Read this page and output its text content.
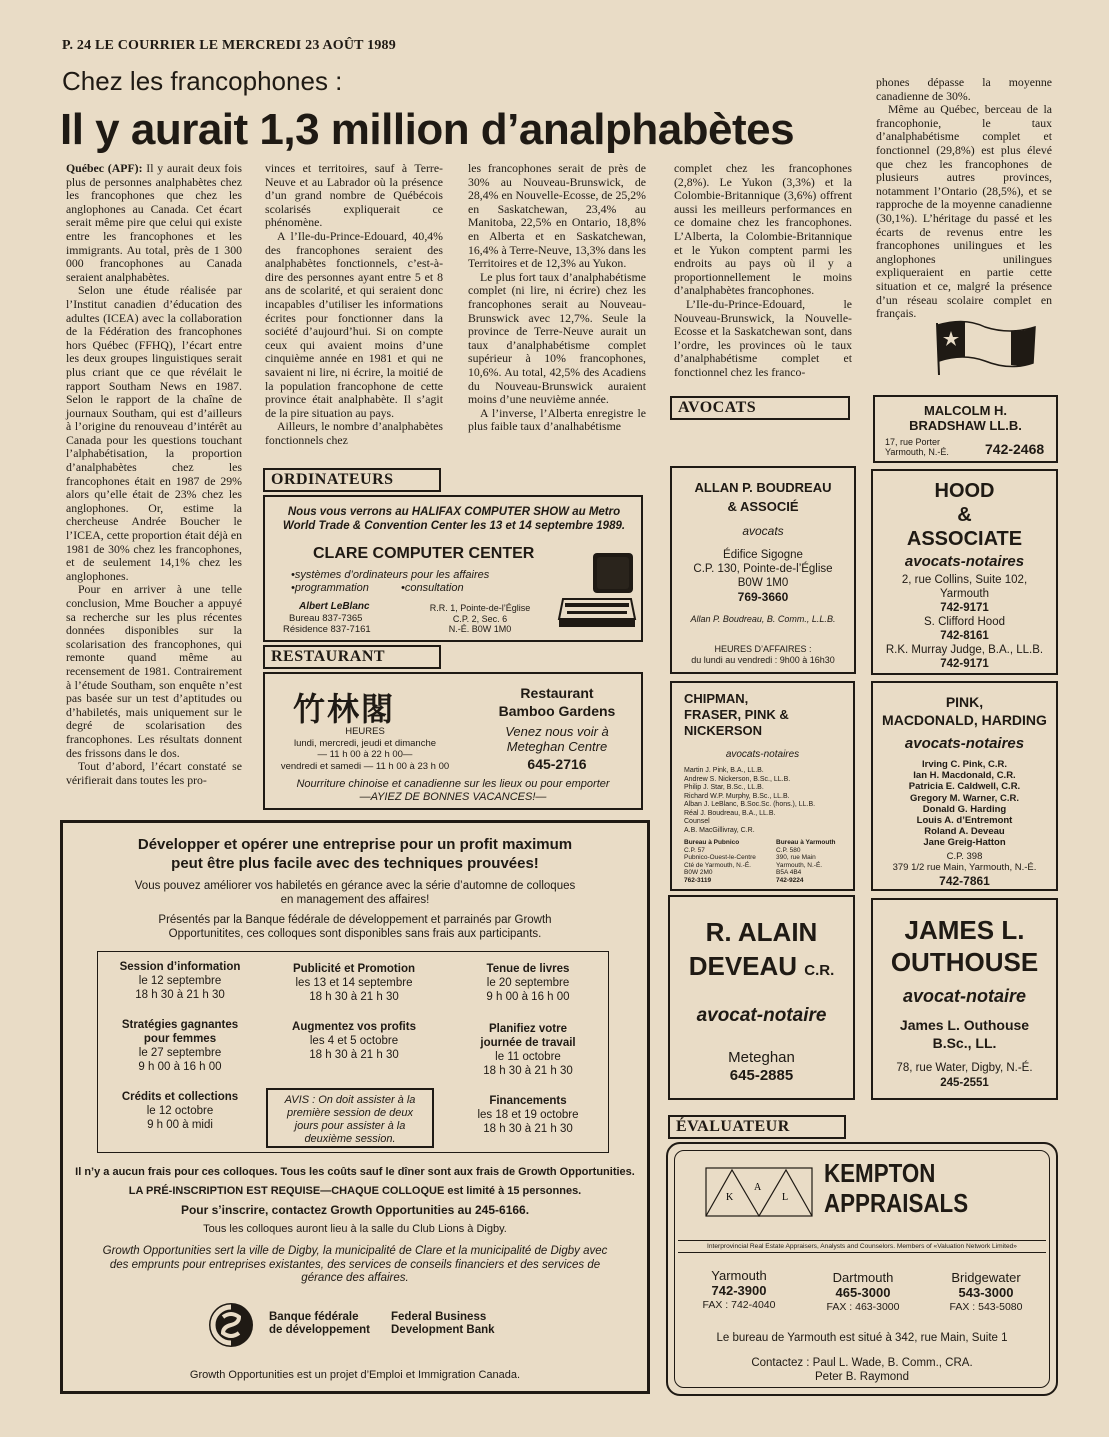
P. 24 LE COURRIER LE MERCREDI 23 AOÛT 1989
Chez les francophones :
Il y aurait 1,3 million d’analphabètes

Québec (APF): Il y aurait deux fois plus de personnes analphabètes chez les francophones que chez les anglophones au Canada. Cet écart serait même pire que celui qui existe entre les francophones et les immigrants. Au total, près de 1 300 000 francophones au Canada seraient analphabètes.

Selon une étude réalisée par l’Institut canadien d’éducation des adultes (ICEA) avec la collaboration de la Fédération des francophones hors Québec (FFHQ), l’écart entre les deux groupes linguistiques serait plus criant que ce que révélait le rapport Southam News en 1987. Selon le rapport de la chaîne de journaux Southam, qui est d’ailleurs à l’origine du renouveau d’intérêt au Canada pour les questions touchant l’alphabétisation, la proportion d’analphabètes chez les francophones était en 1987 de 29% alors qu’elle était de 23% chez les anglophones. Or, estime la chercheuse Andrée Boucher le l’ICEA, cette proportion était déjà en 1981 de 30% chez les francophones, et de seulement 14,1% chez les anglophones.

Pour en arriver à une telle conclusion, Mme Boucher a appuyé sa recherche sur les plus récentes données disponibles sur la scolarisation des francophones, qui remonte quand même au recensement de 1981. Contrairement à l’étude Southam, son enquête n’est pas basée sur un test d’aptitudes ou d’habiletés, mais uniquement sur le degré de scolarisation des francophones. Les résultats donnent des frissons dans le dos.

Tout d’abord, l’écart constaté se vérifierait dans toutes les pro-

vinces et territoires, sauf à Terre-Neuve et au Labrador où la présence d’un grand nombre de Québécois scolarisés expliquerait ce phénomène.

A l’Ile-du-Prince-Edouard, 40,4% des francophones seraient des analphabètes fonctionnels, c’est-à-dire des personnes ayant entre 5 et 8 ans de scolarité, et qui seraient donc incapables d’utiliser les informations écrites pour fonctionner dans la société d’aujourd’hui. Si on compte ceux qui avaient moins d’une cinquième année en 1981 et qui ne savaient ni lire, ni écrire, la moitié de la population francophone de cette province était analphabète. Il s’agit de la pire situation au pays.

Ailleurs, le nombre d’analphabètes fonctionnels chez

les francophones serait de près de 30% au Nouveau-Brunswick, de 28,4% en Nouvelle-Ecosse, de 25,2% en Saskatchewan, 23,4% au Manitoba, 22,5% en Ontario, 18,8% en Alberta et en Saskatchewan, 16,4% à Terre-Neuve, 13,3% dans les Territoires et de 12,3% au Yukon.

Le plus fort taux d’analphabétisme complet (ni lire, ni écrire) chez les francophones serait au Nouveau-Brunswick avec 12,7%. Seule la province de Terre-Neuve aurait un taux d’analphabétisme complet supérieur à 10% francophones, 10,6%. Au total, 42,5% des Acadiens du Nouveau-Brunswick auraient moins d’une neuvième année.

A l’inverse, l’Alberta enregistre le plus faible taux d’analhabétisme

complet chez les francophones (2,8%). Le Yukon (3,3%) et la Colombie-Britannique (3,6%) offrent aussi les meilleurs performances en ce domaine chez les francophones. L’Alberta, la Colombie-Britannique et le Yukon comptent parmi les endroits au pays où il y a proportionnellement le moins d’analphabètes francophones.

L’Ile-du-Prince-Edouard, le Nouveau-Brunswick, la Nouvelle-Ecosse et la Saskatchewan sont, dans l’ordre, les provinces où le taux d’analphabétisme complet et fonctionnel chez les franco-

phones dépasse la moyenne canadienne de 30%.

Même au Québec, berceau de la francophonie, le taux d’analphabétisme complet et fonctionnel (29,8%) est plus élevé que chez les francophones de plusieurs autres provinces, notamment l’Ontario (28,5%), et se rapproche de la moyenne canadienne (30,1%). L’héritage du passé et les écarts de revenus entre les francophones unilingues et les anglophones unilingues expliqueraient en partie cette situation et ce, malgré la présence d’un réseau scolaire complet en français.

ORDINATEURS
Nous vous verrons au HALIFAX COMPUTER SHOW au Metro World Trade & Convention Center les 13 et 14 septembre 1989.
CLARE COMPUTER CENTER
•systèmes d’ordinateurs pour les affaires
•programmation	•consultation
Albert LeBlanc
Bureau 837-7365
Résidence 837-7161
R.R. 1, Pointe-de-l’Église
C.P. 2, Sec. 6
N.-É. B0W 1M0
RESTAURANT
竹林閣
HEURES
lundi, mercredi, jeudi et dimanche
— 11 h 00 à 22 h 00—
vendredi et samedi — 11 h 00 à 23 h 00
Restaurant
Bamboo Gardens
Venez nous voir à
Meteghan Centre
645-2716
Nourriture chinoise et canadienne sur les lieux ou pour emporter
—AYIEZ DE BONNES VACANCES!—
Développer et opérer une entreprise pour un profit maximum
peut être plus facile avec des techniques prouvées!
Vous pouvez améliorer vos habiletés en gérance avec la série d’automne de colloques
en management des affaires!
Présentés par la Banque fédérale de développement et parrainés par Growth
Opportunitites, ces colloques sont disponibles sans frais aux participants.
Session d’information
le 12 septembre
18 h 30 à 21 h 30
Publicité et Promotion
les 13 et 14 septembre
18 h 30 à 21 h 30
Tenue de livres
le 20 septembre
9 h 00 à 16 h 00
Stratégies gagnantes
pour femmes
le 27 septembre
9 h 00 à 16 h 00
Augmentez vos profits
les 4 et 5 octobre
18 h 30 à 21 h 30
Planifiez votre
journée de travail
le 11 octobre
18 h 30 à 21 h 30
Crédits et collections
le 12 octobre
9 h 00 à midi
AVIS : On doit assister à la première session de deux jours pour assister à la deuxième session.
Financements
les 18 et 19 octobre
18 h 30 à 21 h 30
Il n’y a aucun frais pour ces colloques. Tous les coûts sauf le dîner sont aux frais de Growth Opportunities.
LA PRÉ-INSCRIPTION EST REQUISE—CHAQUE COLLOQUE est limité à 15 personnes.
Pour s’inscrire, contactez Growth Opportunities au 245-6166.
Tous les colloques auront lieu à la salle du Club Lions à Digby.
Growth Opportunities sert la ville de Digby, la municipalité de Clare et la municipalité de Digby avec des emprunts pour entreprises existantes, des services de conseils financiers et des services de gérance des affaires.
Banque fédérale
de développement
Federal Business
Development Bank
Growth Opportunities est un projet d’Emploi et Immigration Canada.
AVOCATS	MALCOLM H.
BRADSHAW LL.B.
17, rue Porter
Yarmouth, N.-É.	742-2468
ALLAN P. BOUDREAU
& ASSOCIÉ
avocats
Édifice Sigogne
C.P. 130, Pointe-de-l’Église
B0W 1M0
769-3660
Allan P. Boudreau, B. Comm., L.L.B.
HEURES D’AFFAIRES :
du lundi au vendredi : 9h00 à 16h30
HOOD
&
ASSOCIATE
avocats-notaires
2, rue Collins, Suite 102,
Yarmouth
742-9171
S. Clifford Hood
742-8161
R.K. Murray Judge, B.A., LL.B.
742-9171
CHIPMAN,
FRASER, PINK &
NICKERSON
avocats-notaires
Martin J. Pink, B.A., LL.B.
Andrew S. Nickerson, B.Sc., LL.B.
Philip J. Star, B.Sc., LL.B.
Richard W.P. Murphy, B.Sc., LL.B.
Alban J. LeBlanc, B.Soc.Sc. (hons.), LL.B.
Réal J. Boudreau, B.A., LL.B.
Counsel
A.B. MacGillivray, C.R.
Bureau à Pubnico
C.P. 57
Pubnico-Ouest-le-Centre
Cté de Yarmouth, N.-É.
B0W 2M0
762-3119
Bureau à Yarmouth
C.P. 580
390, rue Main
Yarmouth, N.-É.
B5A 4B4
742-9224
PINK,
MACDONALD, HARDING
avocats-notaires
Irving C. Pink, C.R.
Ian H. Macdonald, C.R.
Patricia E. Caldwell, C.R.
Gregory M. Warner, C.R.
Donald G. Harding
Louis A. d’Entremont
Roland A. Deveau
Jane Greig-Hatton
C.P. 398
379 1/2 rue Main, Yarmouth, N.-É.
742-7861
R. ALAIN
DEVEAU C.R.
avocat-notaire
Meteghan
645-2885
JAMES L.
OUTHOUSE
avocat-notaire
James L. Outhouse
B.Sc., LL.
78, rue Water, Digby, N.-É.
245-2551
ÉVALUATEUR
K
A
L
KEMPTON
APPRAISALS
Interprovincial Real Estate Appraisers, Analysts and Counselors. Members of «Valuation Network Limited»
Yarmouth
742-3900
FAX : 742-4040
Dartmouth
465-3000
FAX : 463-3000
Bridgewater
543-3000
FAX : 543-5080
Le bureau de Yarmouth est situé à 342, rue Main, Suite 1
Contactez : Paul L. Wade, B. Comm., CRA.
Peter B. Raymond
